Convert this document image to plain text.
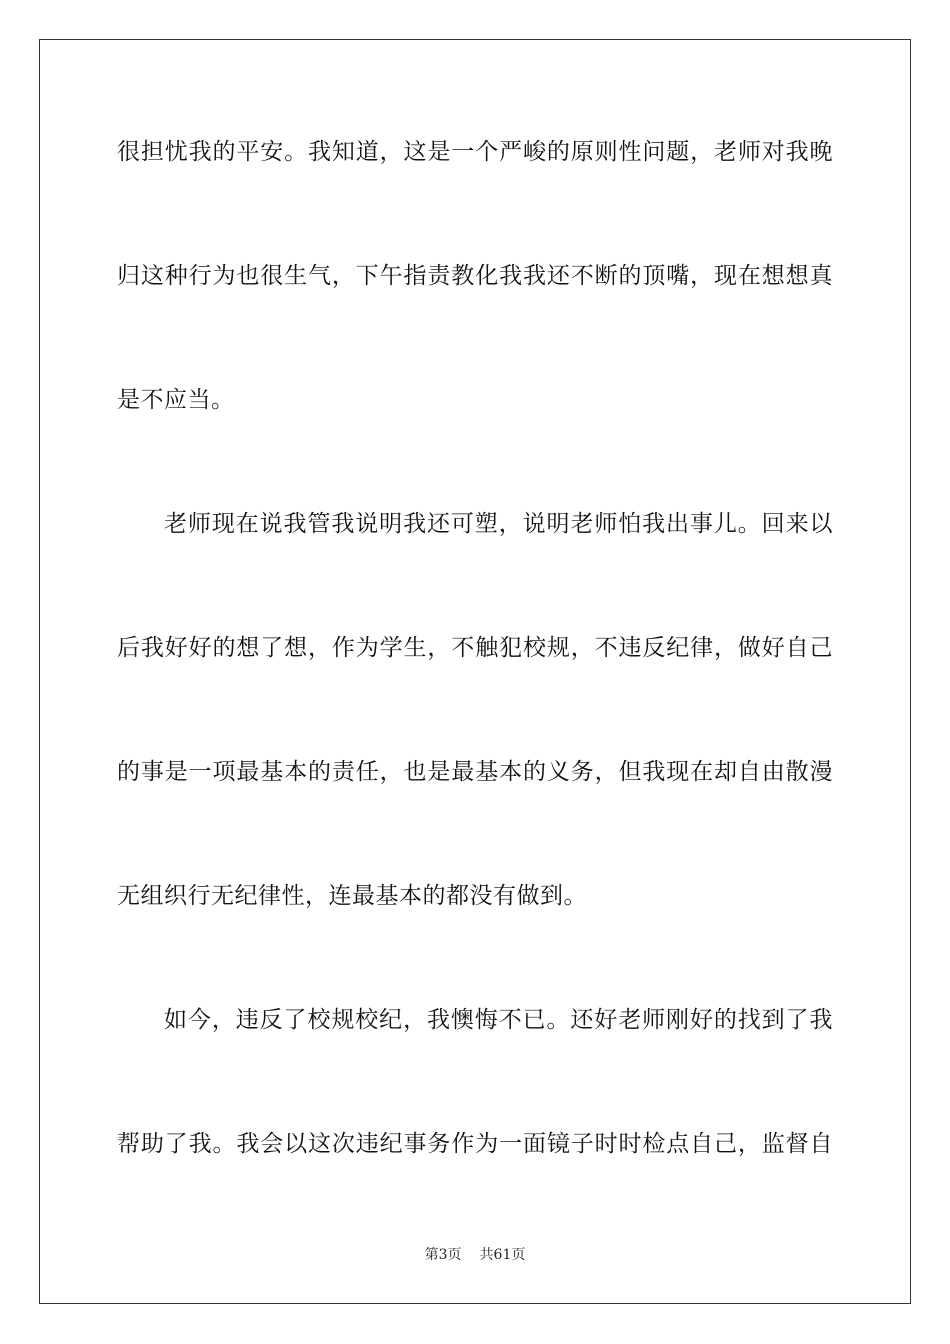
很担忧我的平安。我知道，这是一个严峻的原则性问题，老师对我晚
归这种行为也很生气，下午指责教化我我还不断的顶嘴，现在想想真
是不应当。
老师现在说我管我说明我还可塑，说明老师怕我出事儿。回来以
后我好好的想了想，作为学生，不触犯校规，不违反纪律，做好自己
的事是一项最基本的责任，也是最基本的义务，但我现在却自由散漫
无组织行无纪律性，连最基本的都没有做到。
如今，违反了校规校纪，我懊悔不已。还好老师刚好的找到了我
帮助了我。我会以这次违纪事务作为一面镜子时时检点自己，监督自
第3页 共61页
